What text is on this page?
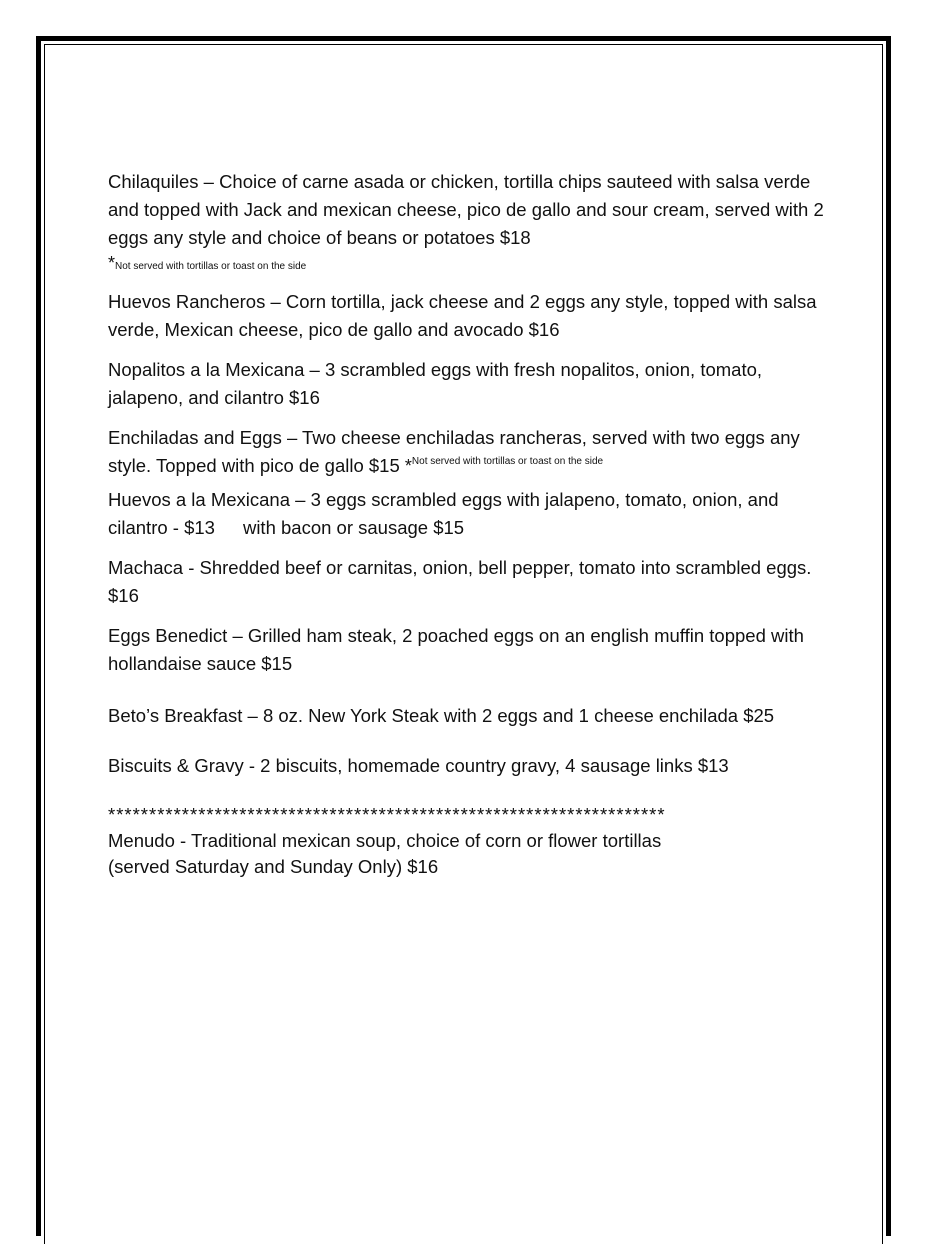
Chilaquiles – Choice of carne asada or chicken, tortilla chips sauteed with salsa verde and topped with Jack and mexican cheese, pico de gallo and sour cream, served with 2 eggs any style and choice of beans or potatoes $18

*Not served with tortillas or toast on the side

Huevos Rancheros – Corn tortilla, jack cheese and 2 eggs any style, topped with salsa verde, Mexican cheese, pico de gallo and avocado $16

Nopalitos a la Mexicana – 3 scrambled eggs with fresh nopalitos, onion, tomato, jalapeno, and cilantro $16

Enchiladas and Eggs – Two cheese enchiladas rancheras, served with two eggs any style. Topped with pico de gallo $15 *Not served with tortillas or toast on the side

Huevos a la Mexicana – 3 eggs scrambled eggs with jalapeno, tomato, onion, and cilantro - $13 with bacon or sausage $15

Machaca - Shredded beef or carnitas, onion, bell pepper, tomato into scrambled eggs. $16

Eggs Benedict – Grilled ham steak, 2 poached eggs on an english muffin topped with hollandaise sauce $15

Beto’s Breakfast – 8 oz. New York Steak with 2 eggs and 1 cheese enchilada $25

Biscuits & Gravy - 2 biscuits, homemade country gravy, 4 sausage links $13

********************************************************************

Menudo - Traditional mexican soup, choice of corn or flower tortillas

(served Saturday and Sunday Only) $16
